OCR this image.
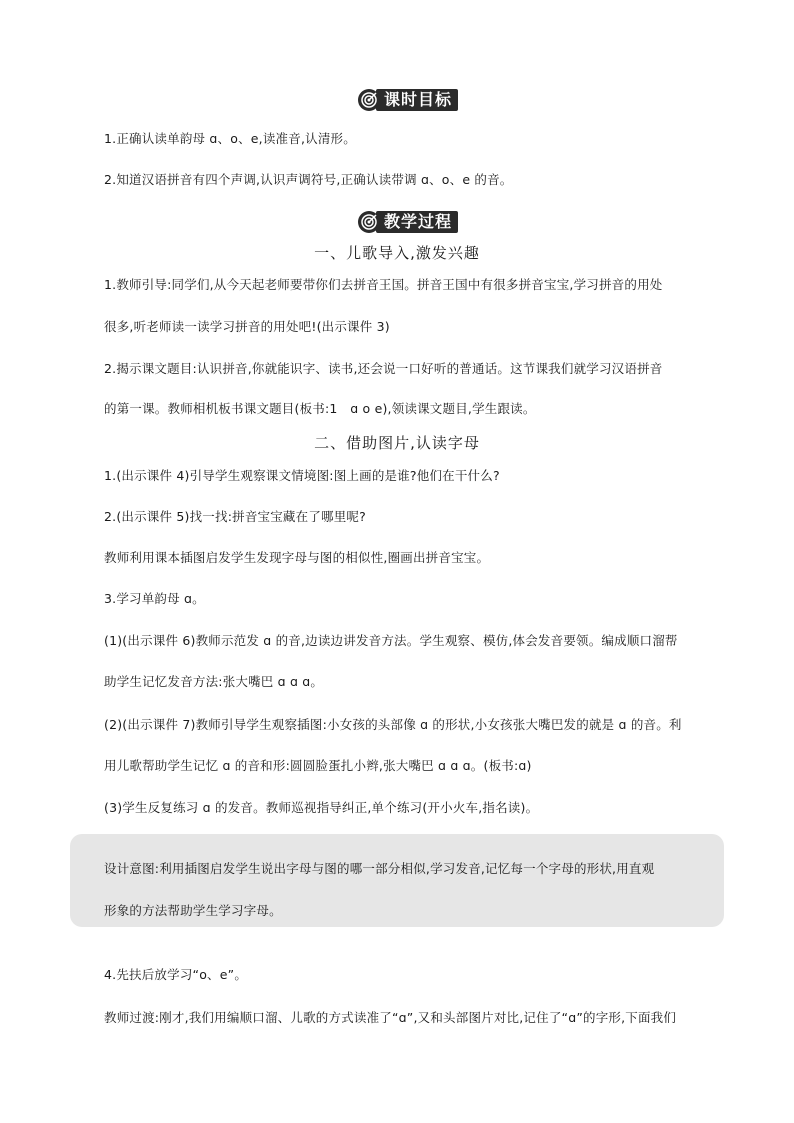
课时目标
1.正确认读单韵母 ɑ、o、e,读准音,认清形。
2.知道汉语拼音有四个声调,认识声调符号,正确认读带调 ɑ、o、e 的音。
教学过程
一、儿歌导入,激发兴趣
1.教师引导:同学们,从今天起老师要带你们去拼音王国。拼音王国中有很多拼音宝宝,学习拼音的用处
很多,听老师读一读学习拼音的用处吧!(出示课件 3)
2.揭示课文题目:认识拼音,你就能识字、读书,还会说一口好听的普通话。这节课我们就学习汉语拼音
的第一课。教师相机板书课文题目(板书:1　ɑ o e),领读课文题目,学生跟读。
二、借助图片,认读字母
1.(出示课件 4)引导学生观察课文情境图:图上画的是谁?他们在干什么?
2.(出示课件 5)找一找:拼音宝宝藏在了哪里呢?
教师利用课本插图启发学生发现字母与图的相似性,圈画出拼音宝宝。
3.学习单韵母 ɑ。
(1)(出示课件 6)教师示范发 ɑ 的音,边读边讲发音方法。学生观察、模仿,体会发音要领。编成顺口溜帮
助学生记忆发音方法:张大嘴巴 ɑ ɑ ɑ。
(2)(出示课件 7)教师引导学生观察插图:小女孩的头部像 ɑ 的形状,小女孩张大嘴巴发的就是 ɑ 的音。利
用儿歌帮助学生记忆 ɑ 的音和形:圆圆脸蛋扎小辫,张大嘴巴 ɑ ɑ ɑ。(板书:ɑ)
(3)学生反复练习 ɑ 的发音。教师巡视指导纠正,单个练习(开小火车,指名读)。
设计意图:利用插图启发学生说出字母与图的哪一部分相似,学习发音,记忆每一个字母的形状,用直观
形象的方法帮助学生学习字母。
4.先扶后放学习“o、e”。
教师过渡:刚才,我们用编顺口溜、儿歌的方式读准了“ɑ”,又和头部图片对比,记住了“ɑ”的字形,下面我们
